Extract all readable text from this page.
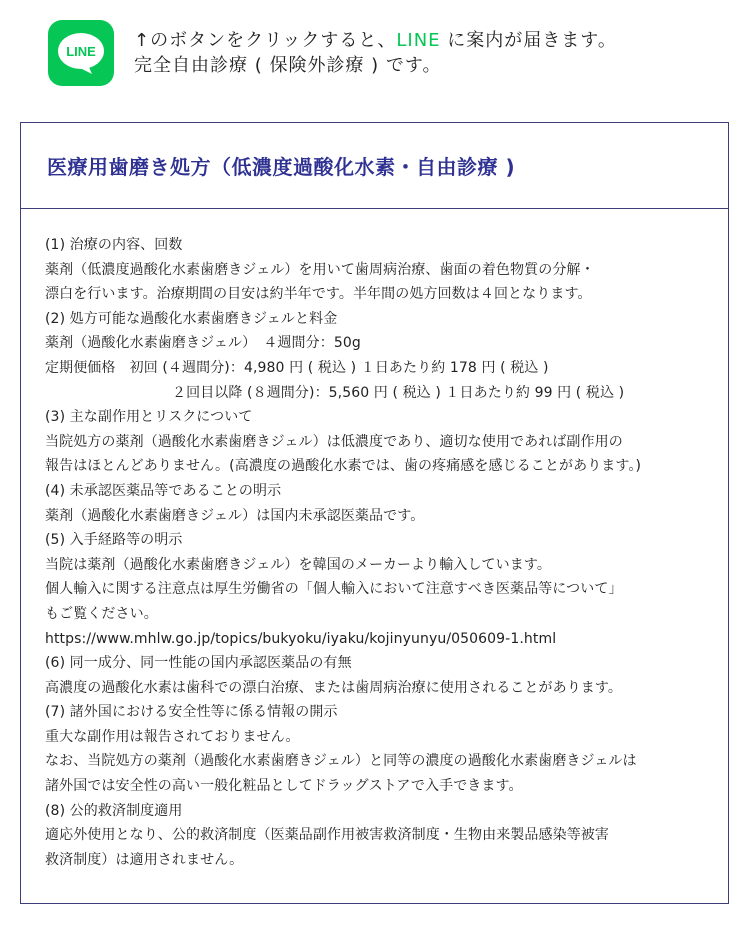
LINE
↑のボタンをクリックすると、LINE に案内が届きます。
完全自由診療 ( 保険外診療 ) です。
医療用歯磨き処方（低濃度過酸化水素・自由診療 )
(1) 治療の内容、回数
薬剤（低濃度過酸化水素歯磨きジェル）を用いて歯周病治療、歯面の着色物質の分解・
漂白を行います。治療期間の目安は約半年です。半年間の処方回数は４回となります。
(2) 処方可能な過酸化水素歯磨きジェルと料金
薬剤（過酸化水素歯磨きジェル）　４週間分：50g
定期便価格　初回 (４週間分)：4,980 円 ( 税込 ) １日あたり約 178 円 ( 税込 )
２回目以降 (８週間分)：5,560 円 ( 税込 ) １日あたり約 99 円 ( 税込 )
(3) 主な副作用とリスクについて
当院処方の薬剤（過酸化水素歯磨きジェル）は低濃度であり、適切な使用であれば副作用の
報告はほとんどありません。(高濃度の過酸化水素では、歯の疼痛感を感じることがあります。)
(4) 未承認医薬品等であることの明示
薬剤（過酸化水素歯磨きジェル）は国内未承認医薬品です。
(5) 入手経路等の明示
当院は薬剤（過酸化水素歯磨きジェル）を韓国のメーカーより輸入しています。
個人輸入に関する注意点は厚生労働省の「個人輸入において注意すべき医薬品等について」
もご覧ください。
https://www.mhlw.go.jp/topics/bukyoku/iyaku/kojinyunyu/050609-1.html
(6) 同一成分、同一性能の国内承認医薬品の有無
高濃度の過酸化水素は歯科での漂白治療、または歯周病治療に使用されることがあります。
(7) 諸外国における安全性等に係る情報の開示
重大な副作用は報告されておりません。
なお、当院処方の薬剤（過酸化水素歯磨きジェル）と同等の濃度の過酸化水素歯磨きジェルは
諸外国では安全性の高い一般化粧品としてドラッグストアで入手できます。
(8) 公的救済制度適用
適応外使用となり、公的救済制度（医薬品副作用被害救済制度・生物由来製品感染等被害
救済制度）は適用されません。
